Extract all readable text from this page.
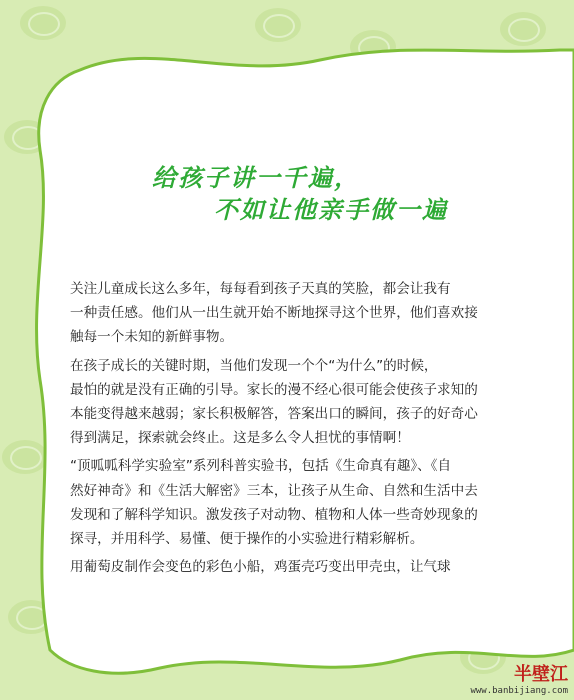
给孩子讲一千遍，
不如让他亲手做一遍
关注儿童成长这么多年，每每看到孩子天真的笑脸，都会让我有
一种责任感。他们从一出生就开始不断地探寻这个世界，他们喜欢接
触每一个未知的新鲜事物。
在孩子成长的关键时期，当他们发现一个个“为什么”的时候，
最怕的就是没有正确的引导。家长的漫不经心很可能会使孩子求知的
本能变得越来越弱；家长积极解答，答案出口的瞬间，孩子的好奇心
得到满足，探索就会终止。这是多么令人担忧的事情啊！
“顶呱呱科学实验室”系列科普实验书，包括《生命真有趣》、《自
然好神奇》和《生活大解密》三本，让孩子从生命、自然和生活中去
发现和了解科学知识。激发孩子对动物、植物和人体一些奇妙现象的
探寻，并用科学、易懂、便于操作的小实验进行精彩解析。
用葡萄皮制作会变色的彩色小船，鸡蛋壳巧变出甲壳虫，让气球
半壁江
www.banbijiang.com
